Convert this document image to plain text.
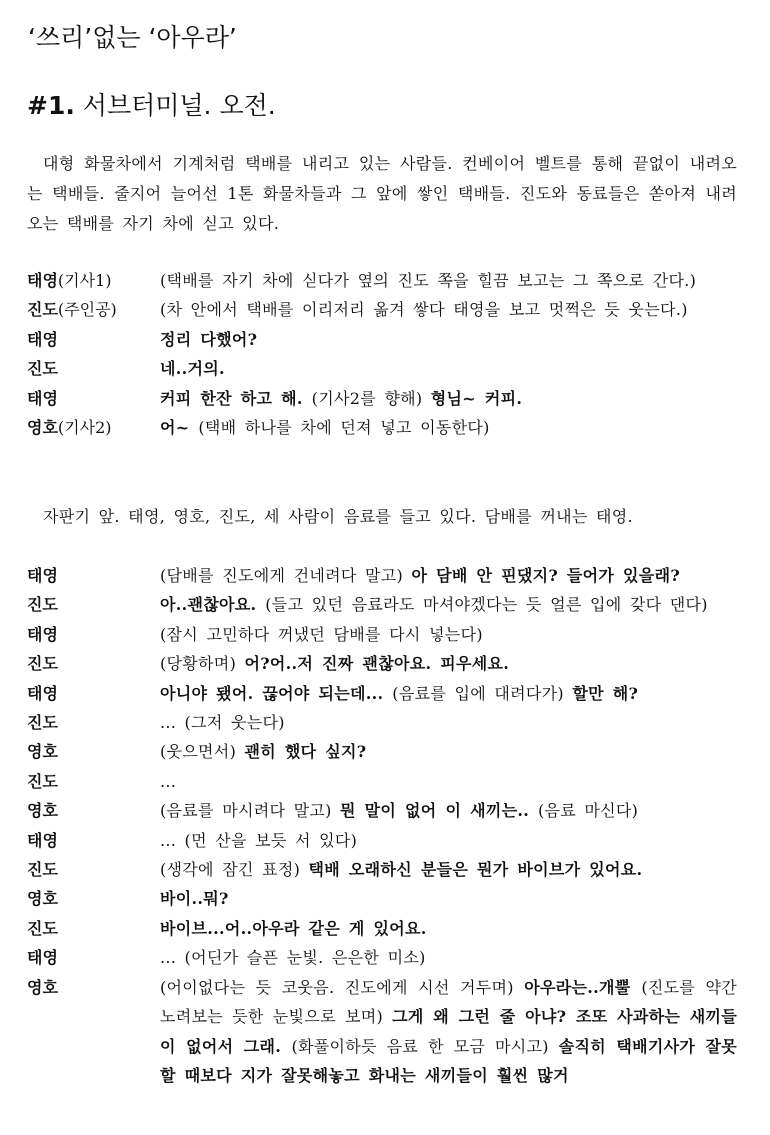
‘쓰리’없는 ‘아우라’
#1. 서브터미널. 오전.
대형 화물차에서 기계처럼 택배를 내리고 있는 사람들. 컨베이어 벨트를 통해 끝없이 내려오는 택배들. 줄지어 늘어선 1톤 화물차들과 그 앞에 쌓인 택배들. 진도와 동료들은 쏟아져 내려오는 택배를 자기 차에 싣고 있다.
태영(기사1)	(택배를 자기 차에 싣다가 옆의 진도 쪽을 힐끔 보고는 그 쪽으로 간다.)
진도(주인공)	(차 안에서 택배를 이리저리 옮겨 쌓다 태영을 보고 멋쩍은 듯 웃는다.)
태영	정리 다했어?
진도	네..거의.
태영	커피 한잔 하고 해. (기사2를 향해) 형님~ 커피.
영호(기사2)	어~ (택배 하나를 차에 던져 넣고 이동한다)
자판기 앞. 태영, 영호, 진도, 세 사람이 음료를 들고 있다. 담배를 꺼내는 태영.
태영	(담배를 진도에게 건네려다 말고) 아 담배 안 핀댔지? 들어가 있을래?
진도	아..괜찮아요. (들고 있던 음료라도 마셔야겠다는 듯 얼른 입에 갖다 댄다)
태영	(잠시 고민하다 꺼냈던 담배를 다시 넣는다)
진도	(당황하며) 어?어..저 진짜 괜찮아요. 피우세요.
태영	아니야 됐어. 끊어야 되는데... (음료를 입에 대려다가) 할만 해?
진도	... (그저 웃는다)
영호	(웃으면서) 괜히 했다 싶지?
진도	...
영호	(음료를 마시려다 말고) 뭔 말이 없어 이 새끼는.. (음료 마신다)
태영	... (먼 산을 보듯 서 있다)
진도	(생각에 잠긴 표정) 택배 오래하신 분들은 뭔가 바이브가 있어요.
영호	바이..뭐?
진도	바이브...어..아우라 같은 게 있어요.
태영	... (어딘가 슬픈 눈빛. 은은한 미소)
영호	(어이없다는 듯 코웃음. 진도에게 시선 거두며) 아우라는..개뿔 (진도를 약간 노려보는 듯한 눈빛으로 보며) 그게 왜 그런 줄 아냐? 조또 사과하는 새끼들이 없어서 그래. (화풀이하듯 음료 한 모금 마시고) 솔직히 택배기사가 잘못할 때보다 지가 잘못해놓고 화내는 새끼들이 훨씬 많거
